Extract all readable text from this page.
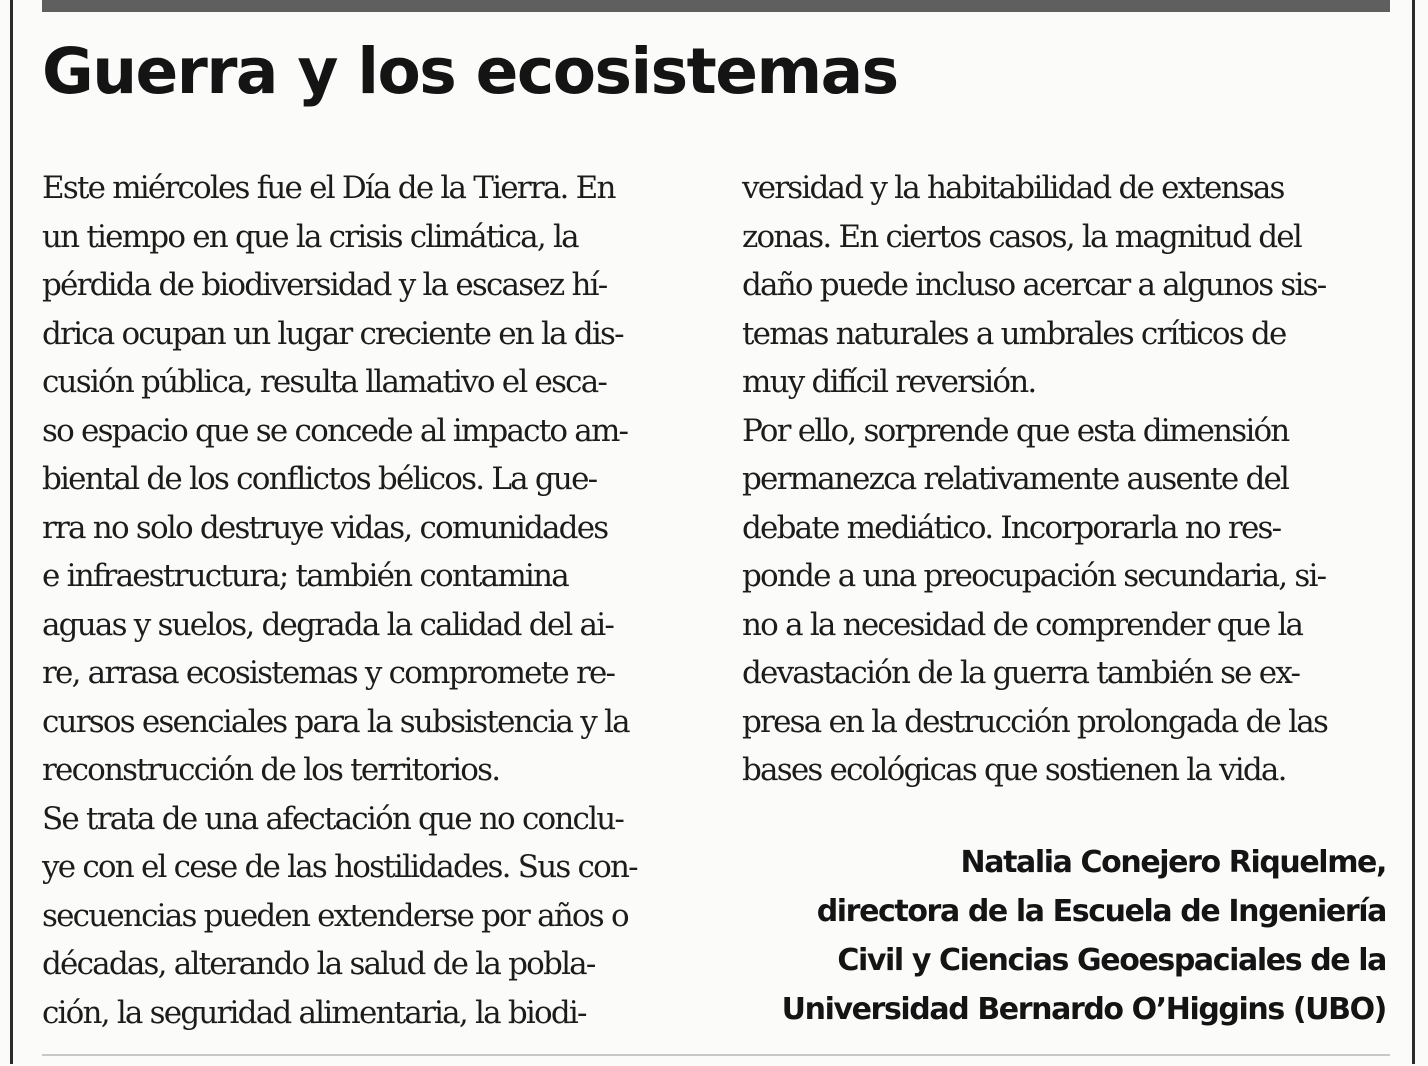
Guerra y los ecosistemas
Este miércoles fue el Día de la Tierra. En
un tiempo en que la crisis climática, la
pérdida de biodiversidad y la escasez hí-
drica ocupan un lugar creciente en la dis-
cusión pública, resulta llamativo el esca-
so espacio que se concede al impacto am-
biental de los conflictos bélicos. La gue-
rra no solo destruye vidas, comunidades
e infraestructura; también contamina
aguas y suelos, degrada la calidad del ai-
re, arrasa ecosistemas y compromete re-
cursos esenciales para la subsistencia y la
reconstrucción de los territorios.
Se trata de una afectación que no conclu-
ye con el cese de las hostilidades. Sus con-
secuencias pueden extenderse por años o
décadas, alterando la salud de la pobla-
ción, la seguridad alimentaria, la biodi-
versidad y la habitabilidad de extensas
zonas. En ciertos casos, la magnitud del
daño puede incluso acercar a algunos sis-
temas naturales a umbrales críticos de
muy difícil reversión.
Por ello, sorprende que esta dimensión
permanezca relativamente ausente del
debate mediático. Incorporarla no res-
ponde a una preocupación secundaria, si-
no a la necesidad de comprender que la
devastación de la guerra también se ex-
presa en la destrucción prolongada de las
bases ecológicas que sostienen la vida.
Natalia Conejero Riquelme,
directora de la Escuela de Ingeniería
Civil y Ciencias Geoespaciales de la
Universidad Bernardo O’Higgins (UBO)
